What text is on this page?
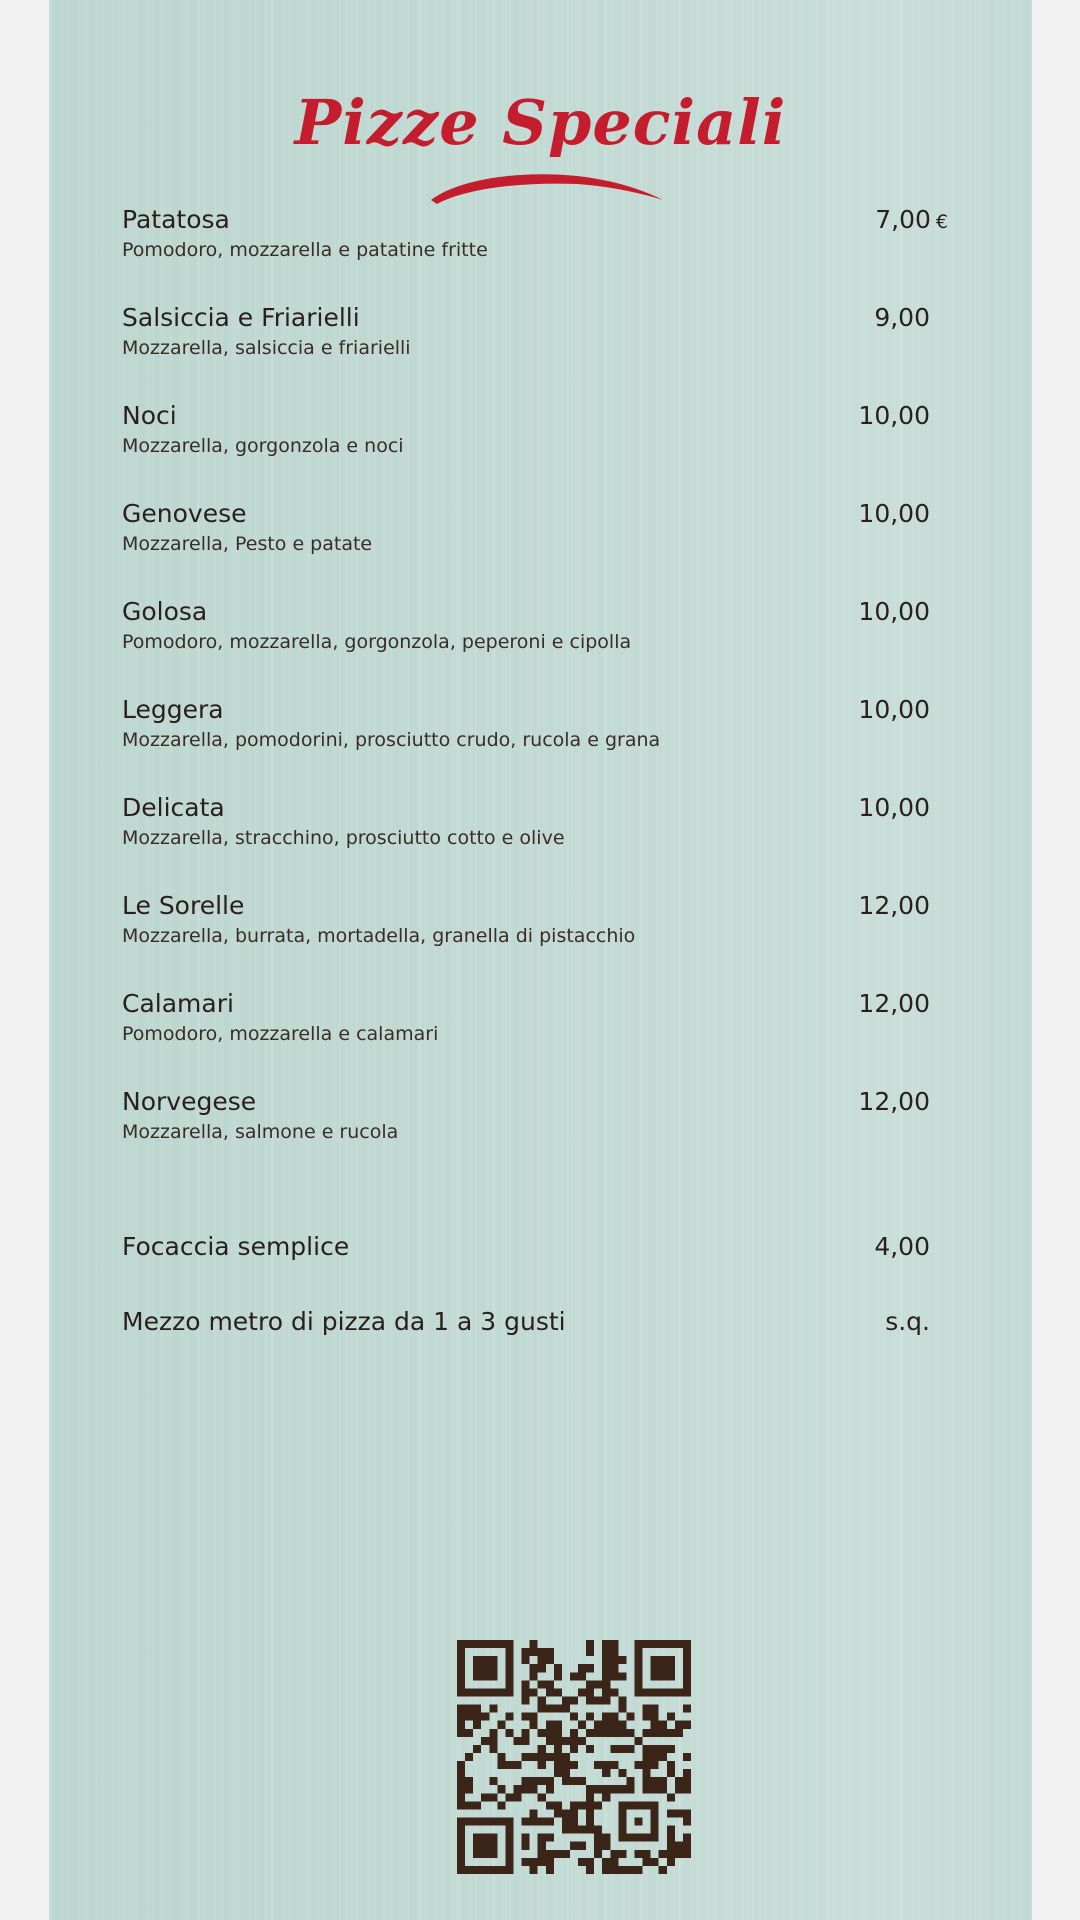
Pizze Speciali
Patatosa
Pomodoro, mozzarella e patatine fritte
7,00 €
Salsiccia e Friarielli
Mozzarella, salsiccia e friarielli
9,00
Noci
Mozzarella, gorgonzola e noci
10,00
Genovese
Mozzarella, Pesto e patate
10,00
Golosa
Pomodoro, mozzarella, gorgonzola, peperoni e cipolla
10,00
Leggera
Mozzarella, pomodorini, prosciutto crudo, rucola e grana
10,00
Delicata
Mozzarella, stracchino, prosciutto cotto e olive
10,00
Le Sorelle
Mozzarella, burrata, mortadella, granella di pistacchio
12,00
Calamari
Pomodoro, mozzarella e calamari
12,00
Norvegese
Mozzarella, salmone e rucola
12,00
Focaccia semplice	4,00
Mezzo metro di pizza da 1 a 3 gusti	s.q.
